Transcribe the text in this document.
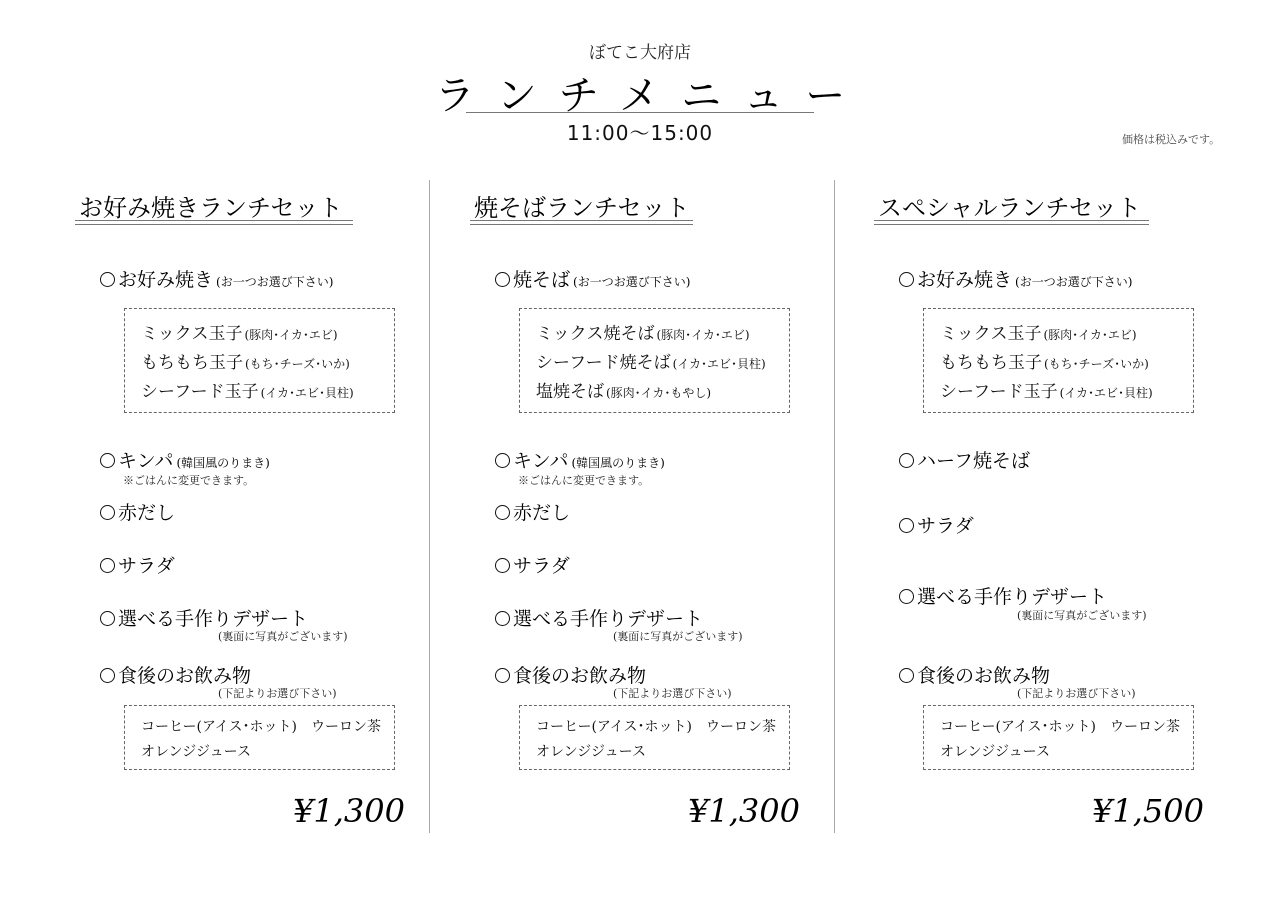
ぼてこ大府店
ランチメニュー
11:00〜15:00	価格は税込みです。
お好み焼きランチセット
お好み焼き (お一つお選び下さい)
ミックス玉子 (豚肉･イカ･エビ)
もちもち玉子 (もち･チーズ･いか)
シーフード玉子 (イカ･エビ･貝柱)
キンパ (韓国風のりまき)
※ごはんに変更できます。
赤だし
サラダ
選べる手作りデザート
(裏面に写真がございます)
食後のお飲み物
(下記よりお選び下さい)
コーヒー(アイス･ホット)　ウーロン茶
オレンジジュース
¥1,300
焼そばランチセット
焼そば (お一つお選び下さい)
ミックス焼そば (豚肉･イカ･エビ)
シーフード焼そば (イカ･エビ･貝柱)
塩焼そば (豚肉･イカ･もやし)
キンパ (韓国風のりまき)
※ごはんに変更できます。
赤だし
サラダ
選べる手作りデザート
(裏面に写真がございます)
食後のお飲み物
(下記よりお選び下さい)
コーヒー(アイス･ホット)　ウーロン茶
オレンジジュース
¥1,300
スペシャルランチセット
お好み焼き (お一つお選び下さい)
ミックス玉子 (豚肉･イカ･エビ)
もちもち玉子 (もち･チーズ･いか)
シーフード玉子 (イカ･エビ･貝柱)
ハーフ焼そば
サラダ
選べる手作りデザート
(裏面に写真がございます)
食後のお飲み物
(下記よりお選び下さい)
コーヒー(アイス･ホット)　ウーロン茶
オレンジジュース
¥1,500
